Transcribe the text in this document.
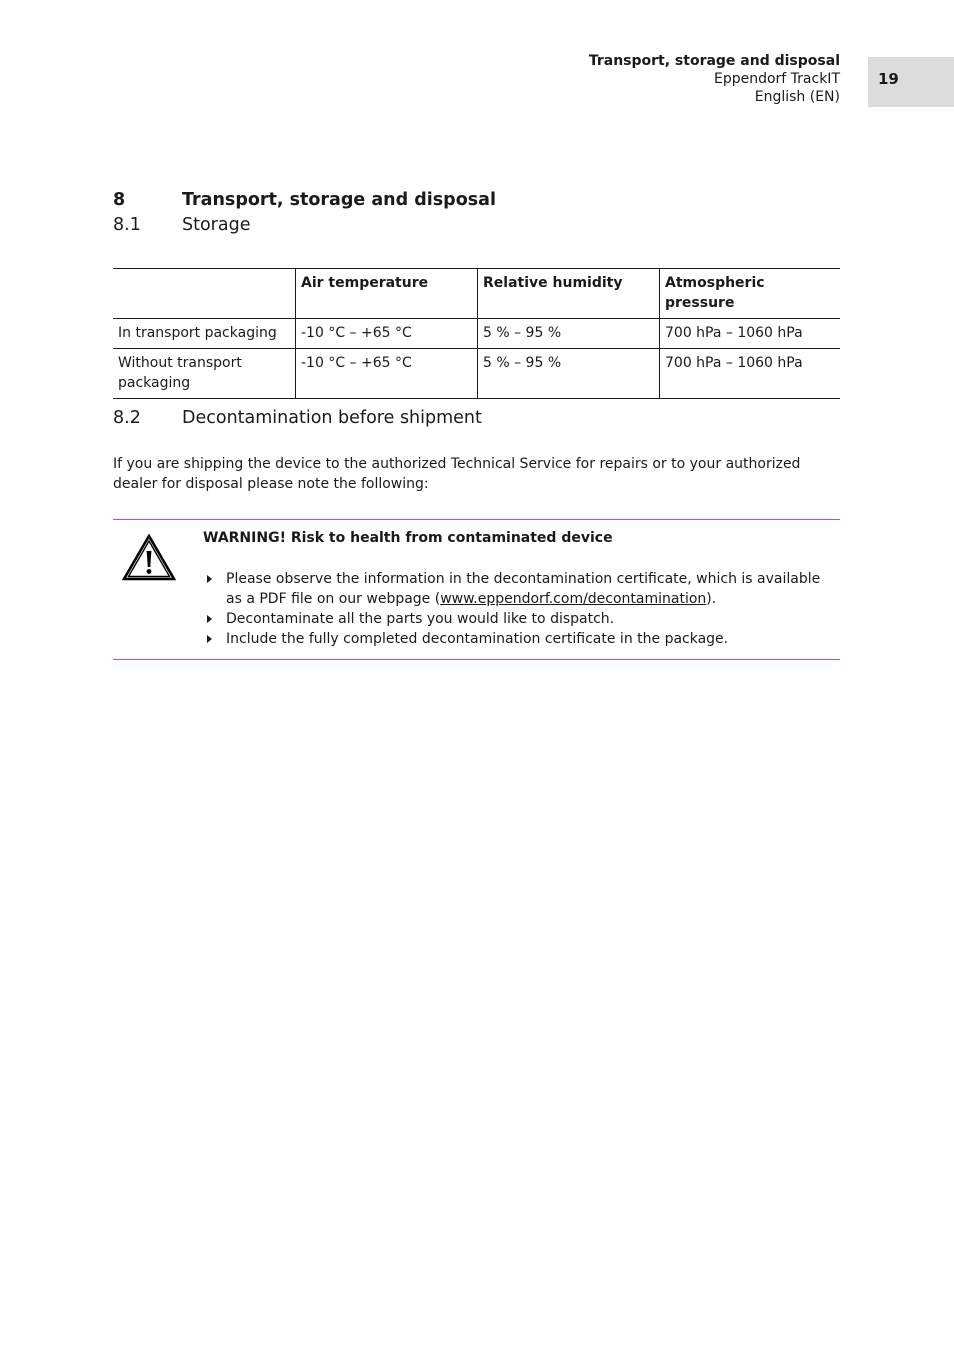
Transport, storage and disposal
Eppendorf TrackIT
English (EN)
19
8	Transport, storage and disposal
8.1 Storage
	Air temperature	Relative humidity	Atmospheric pressure
In transport packaging	-10 °C – +65 °C	5 % – 95 %	700 hPa – 1060 hPa
Without transport packaging	-10 °C – +65 °C	5 % – 95 %	700 hPa – 1060 hPa
8.2 Decontamination before shipment
If you are shipping the device to the authorized Technical Service for repairs or to your authorized dealer for disposal please note the following:
WARNING! Risk to health from contaminated device
Please observe the information in the decontamination certificate, which is available as a PDF file on our webpage (www.eppendorf.com/decontamination).
Decontaminate all the parts you would like to dispatch.
Include the fully completed decontamination certificate in the package.
